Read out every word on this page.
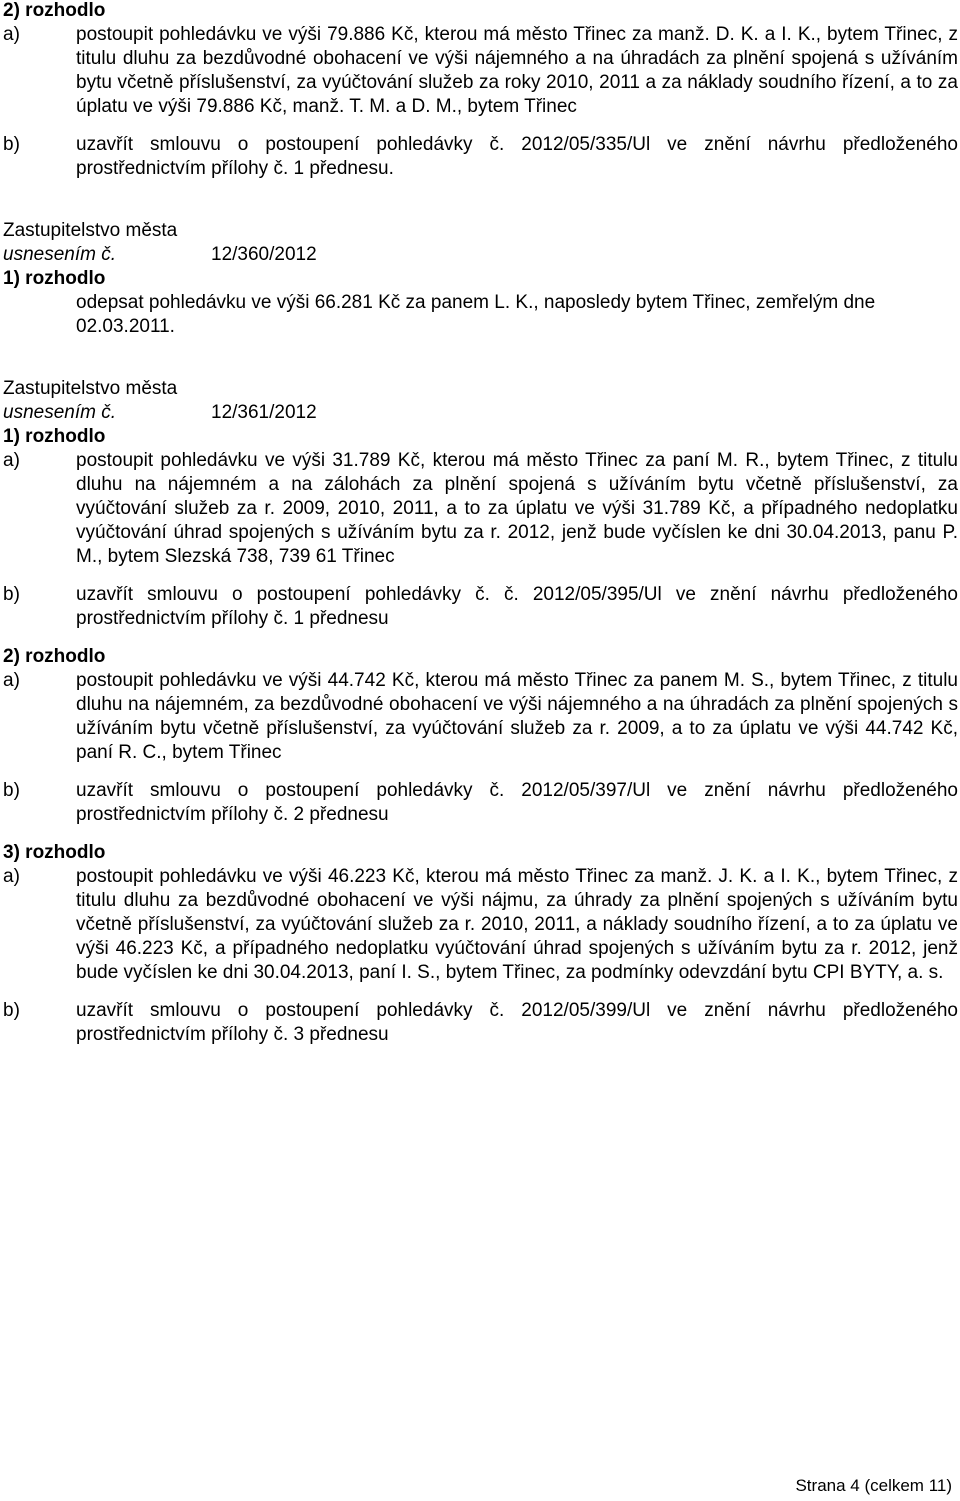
2) rozhodlo
a)	postoupit pohledávku ve výši 79.886 Kč, kterou má město Třinec za manž. D. K. a I. K., bytem Třinec, z titulu dluhu za bezdůvodné obohacení ve výši nájemného a na úhradách za plnění spojená s užíváním bytu včetně příslušenství, za vyúčtování služeb za roky 2010, 2011 a za náklady soudního řízení, a to za úplatu ve výši 79.886 Kč, manž. T. M. a D. M., bytem Třinec
b)	uzavřít smlouvu o postoupení pohledávky č. 2012/05/335/Ul ve znění návrhu předloženého prostřednictvím přílohy č. 1 přednesu.
Zastupitelstvo města
usnesením č.	12/360/2012
1) rozhodlo
odepsat pohledávku ve výši 66.281 Kč za panem L. K., naposledy bytem Třinec, zemřelým dne 02.03.2011.
Zastupitelstvo města
usnesením č.	12/361/2012
1) rozhodlo
a)	postoupit pohledávku ve výši 31.789 Kč, kterou má město Třinec za paní M. R., bytem Třinec, z titulu dluhu na nájemném a na zálohách za plnění spojená s užíváním bytu včetně příslušenství, za vyúčtování služeb za r. 2009, 2010, 2011, a to za úplatu ve výši 31.789 Kč, a případného nedoplatku vyúčtování úhrad spojených s užíváním bytu za r. 2012, jenž bude vyčíslen ke dni 30.04.2013, panu P. M., bytem Slezská 738, 739 61 Třinec
b)	uzavřít smlouvu o postoupení pohledávky č. č. 2012/05/395/Ul ve znění návrhu předloženého prostřednictvím přílohy č. 1 přednesu
2) rozhodlo
a)	postoupit pohledávku ve výši 44.742 Kč, kterou má město Třinec za panem M. S., bytem Třinec, z titulu dluhu na nájemném, za bezdůvodné obohacení ve výši nájemného a na úhradách za plnění spojených s užíváním bytu včetně příslušenství, za vyúčtování služeb za r. 2009, a to za úplatu ve výši 44.742 Kč, paní R. C., bytem Třinec
b)	uzavřít smlouvu o postoupení pohledávky č. 2012/05/397/Ul ve znění návrhu předloženého prostřednictvím přílohy č. 2 přednesu
3) rozhodlo
a)	postoupit pohledávku ve výši 46.223 Kč, kterou má město Třinec za manž. J. K. a I. K., bytem Třinec, z titulu dluhu za bezdůvodné obohacení ve výši nájmu, za úhrady za plnění spojených s užíváním bytu včetně příslušenství, za vyúčtování služeb za r. 2010, 2011, a náklady soudního řízení, a to za úplatu ve výši 46.223 Kč, a případného nedoplatku vyúčtování úhrad spojených s užíváním bytu za r. 2012, jenž bude vyčíslen ke dni 30.04.2013, paní I. S., bytem Třinec, za podmínky odevzdání bytu CPI BYTY, a. s.
b)	uzavřít smlouvu o postoupení pohledávky č. 2012/05/399/Ul ve znění návrhu předloženého prostřednictvím přílohy č. 3 přednesu
Strana 4 (celkem 11)
